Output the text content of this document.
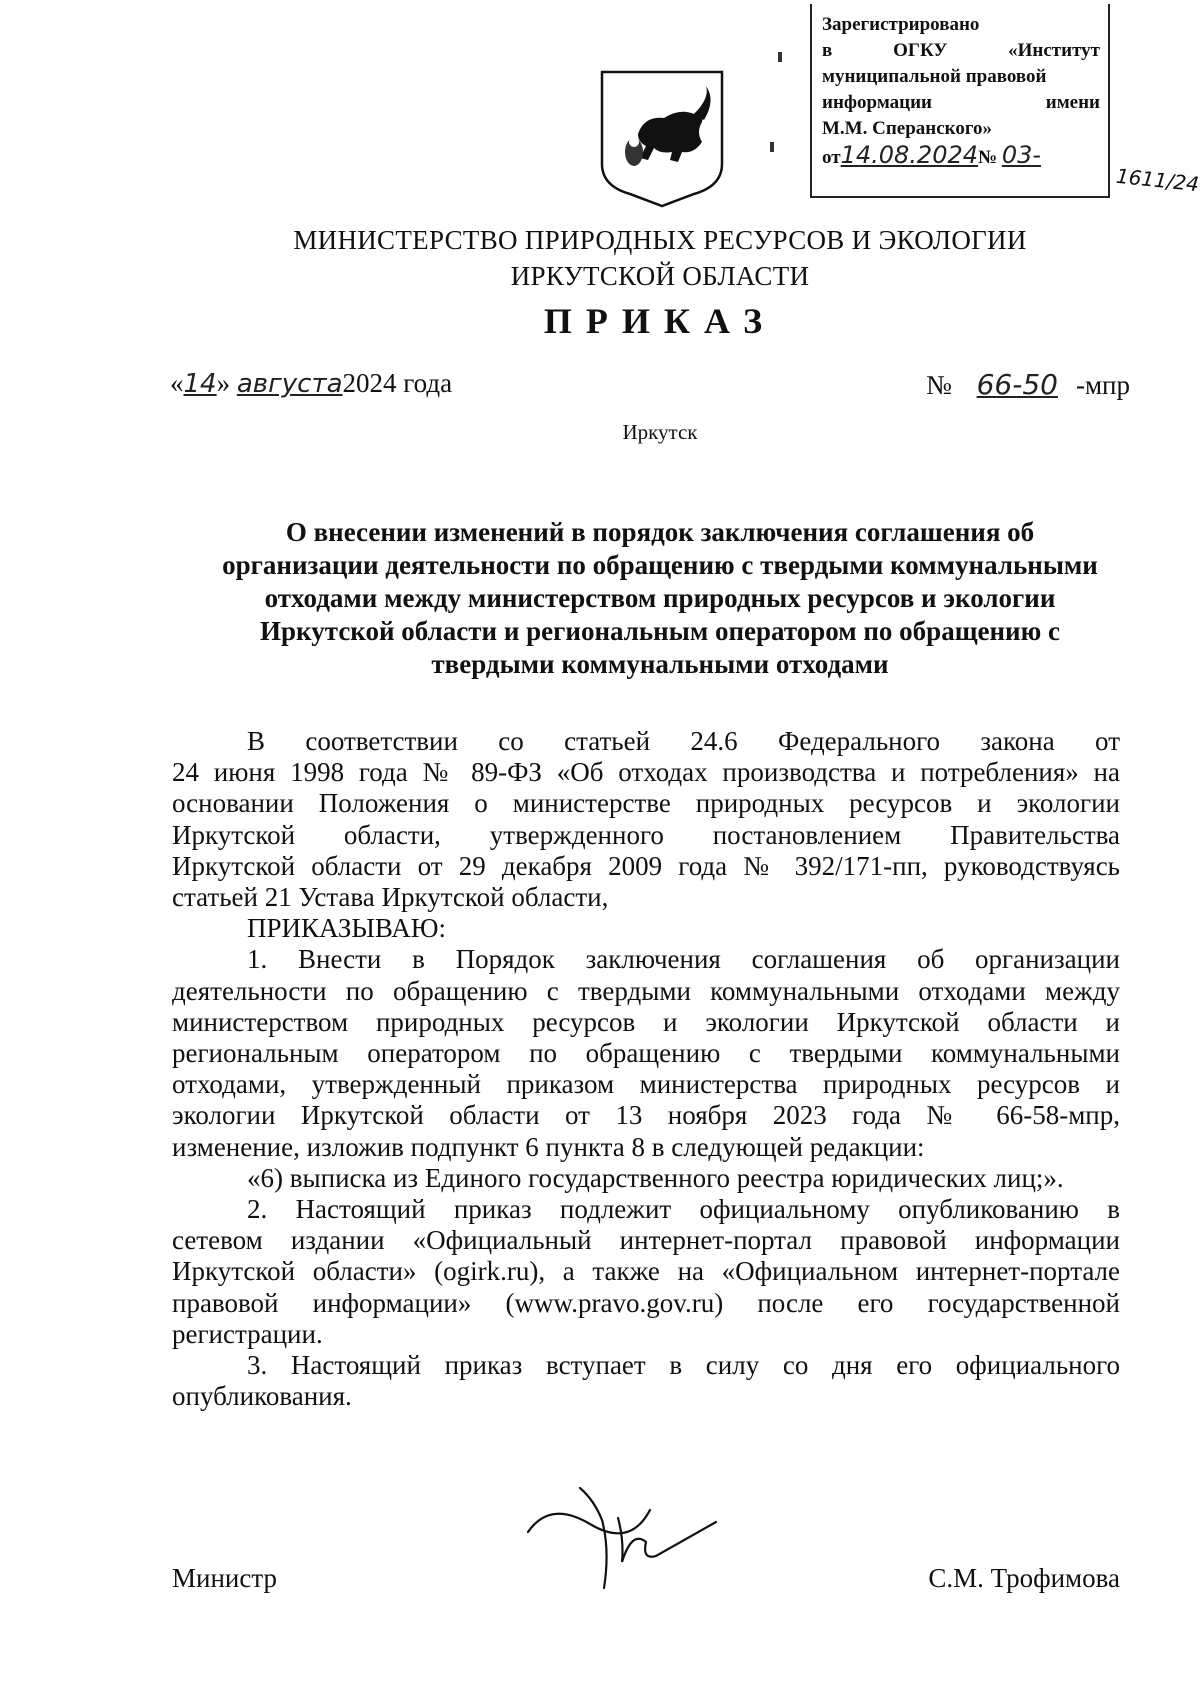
Зарегистрировано
в	ОГКУ	«Институт
муниципальной правовой
информации	имени
М.М. Сперанского»
от14.08.2024№ 03-
1611/24
МИНИСТЕРСТВО ПРИРОДНЫХ РЕСУРСОВ И ЭКОЛОГИИ
ИРКУТСКОЙ ОБЛАСТИ
ПРИКАЗ
«14» августа2024 года	№ 66-50 -мпр
Иркутск
О внесении изменений в порядок заключения соглашения об
организации деятельности по обращению с твердыми коммунальными
отходами между министерством природных ресурсов и экологии
Иркутской области и региональным оператором по обращению с
твердыми коммунальными отходами

В соответствии со статьей 24.6 Федерального закона от

24 июня 1998 года № 89-ФЗ «Об отходах производства и потребления» на

основании Положения о министерстве природных ресурсов и экологии

Иркутской области, утвержденного постановлением Правительства

Иркутской области от 29 декабря 2009 года № 392/171-пп, руководствуясь

статьей 21 Устава Иркутской области,

ПРИКАЗЫВАЮ:

1. Внести в Порядок заключения соглашения об организации

деятельности по обращению с твердыми коммунальными отходами между

министерством природных ресурсов и экологии Иркутской области и

региональным оператором по обращению с твердыми коммунальными

отходами, утвержденный приказом министерства природных ресурсов и

экологии Иркутской области от 13 ноября 2023 года № 66-58-мпр,

изменение, изложив подпункт 6 пункта 8 в следующей редакции:

«6) выписка из Единого государственного реестра юридических лиц;».

2. Настоящий приказ подлежит официальному опубликованию в

сетевом издании «Официальный интернет-портал правовой информации

Иркутской области» (ogirk.ru), а также на «Официальном интернет-портале

правовой информации» (www.pravo.gov.ru) после его государственной

регистрации.

3. Настоящий приказ вступает в силу со дня его официального

опубликования.

Министр	С.М. Трофимова
